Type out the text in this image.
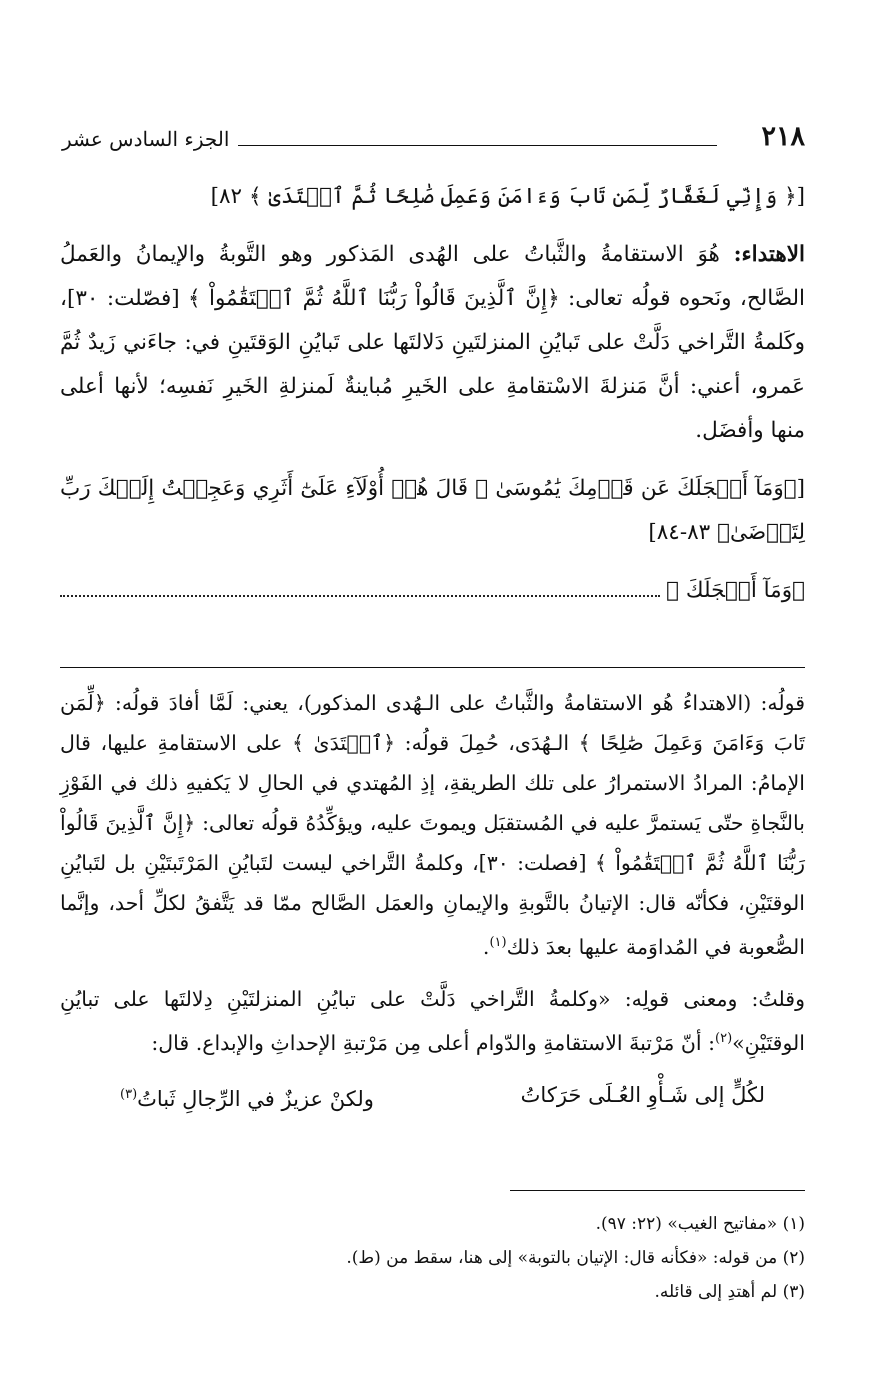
٢١٨
الجزء السادس عشر

[﴿ وَإِنِّي لَغَفَّارٌ لِّمَن تَابَ وَءَامَنَ وَعَمِلَ صَٰلِحًا ثُمَّ ٱهۡتَدَىٰ ﴾ ٨٢]

الاهتداء: هُوَ الاستقامةُ والثَّباتُ على الهُدى المَذكور وهو التَّوبةُ والإيمانُ والعَملُ الصَّالح، ونَحوه قولُه تعالى: ﴿إِنَّ ٱلَّذِينَ قَالُواْ رَبُّنَا ٱللَّهُ ثُمَّ ٱسۡتَقَٰمُواْ ﴾ [فصّلت: ٣٠]، وكَلمةُ التَّراخي دَلَّتْ على تَبايُنِ المنزلتَينِ دَلالتَها على تَبايُنِ الوَقتَينِ في: جاءَني زَيدٌ ثُمَّ عَمرو، أعني: أنَّ مَنزلةَ الاسْتقامةِ على الخَيرِ مُباينةٌ لَمنزلةِ الخَيرِ نَفسِه؛ لأنها أعلى منها وأفضَل.

[﴿وَمَآ أَعۡجَلَكَ عَن قَوۡمِكَ يَٰمُوسَىٰ ۞ قَالَ هُمۡ أُوْلَآءِ عَلَىٰٓ أَثَرِي وَعَجِلۡتُ إِلَيۡكَ رَبِّ لِتَرۡضَىٰ﴾ ٨٣-٨٤]

﴿وَمَآ أَعۡجَلَكَ ﴾

قولُه: (الاهتداءُ هُو الاستقامةُ والثَّباتُ على الـهُدى المذكور)، يعني: لَمَّا أفادَ قولُه: ﴿لِّمَن تَابَ وَءَامَنَ وَعَمِلَ صَٰلِحًا ﴾ الـهُدَى، حُمِلَ قولُه: ﴿ٱهۡتَدَىٰ ﴾ على الاستقامةِ عليها، قال الإمامُ: المرادُ الاستمرارُ على تلك الطريقةِ، إذِ المُهتدي في الحالِ لا يَكفيهِ ذلك في الفَوْزِ بالنَّجاةِ حتّى يَستمرَّ عليه في المُستقبَل ويموتَ عليه، ويؤكِّدُهُ قولُه تعالى: ﴿إِنَّ ٱلَّذِينَ قَالُواْ رَبُّنَا ٱللَّهُ ثُمَّ ٱسۡتَقَٰمُواْ ﴾ [فصلت: ٣٠]، وكلمةُ التَّراخي ليست لتَبايُنِ المَرْتَبتَيْنِ بل لتَبايُنِ الوقتَيْنِ، فكأنّه قال: الإتيانُ بالتَّوبةِ والإيمانِ والعمَل الصَّالح ممّا قد يَتَّفقُ لكلِّ أحد، وإنَّما الصُّعوبة في المُداوَمة عليها بعدَ ذلك$^{(١)}$.

وقلتُ: ومعنى قولِه: «وكلمةُ التَّراخي دَلَّتْ على تبايُنِ المنزلتَيْنِ دِلالتَها على تبايُنِ الوقتَيْنِ»$^{(٢)}$: أنّ مَرْتبةَ الاستقامةِ والدّوام أعلى مِن مَرْتبةِ الإحداثِ والإبداع. قال:

لكُلٍّ إلى شَـأْوِ العُـلَى حَرَكاتُ
ولكنْ عزيزٌ في الرِّجالِ ثَباتُ$^{(٣)}$
(١) «مفاتيح الغيب» (٢٢: ٩٧).
(٢) من قوله: «فكأنه قال: الإتيان بالتوبة» إلى هنا، سقط من (ط).
(٣) لم أهتدِ إلى قائله.
